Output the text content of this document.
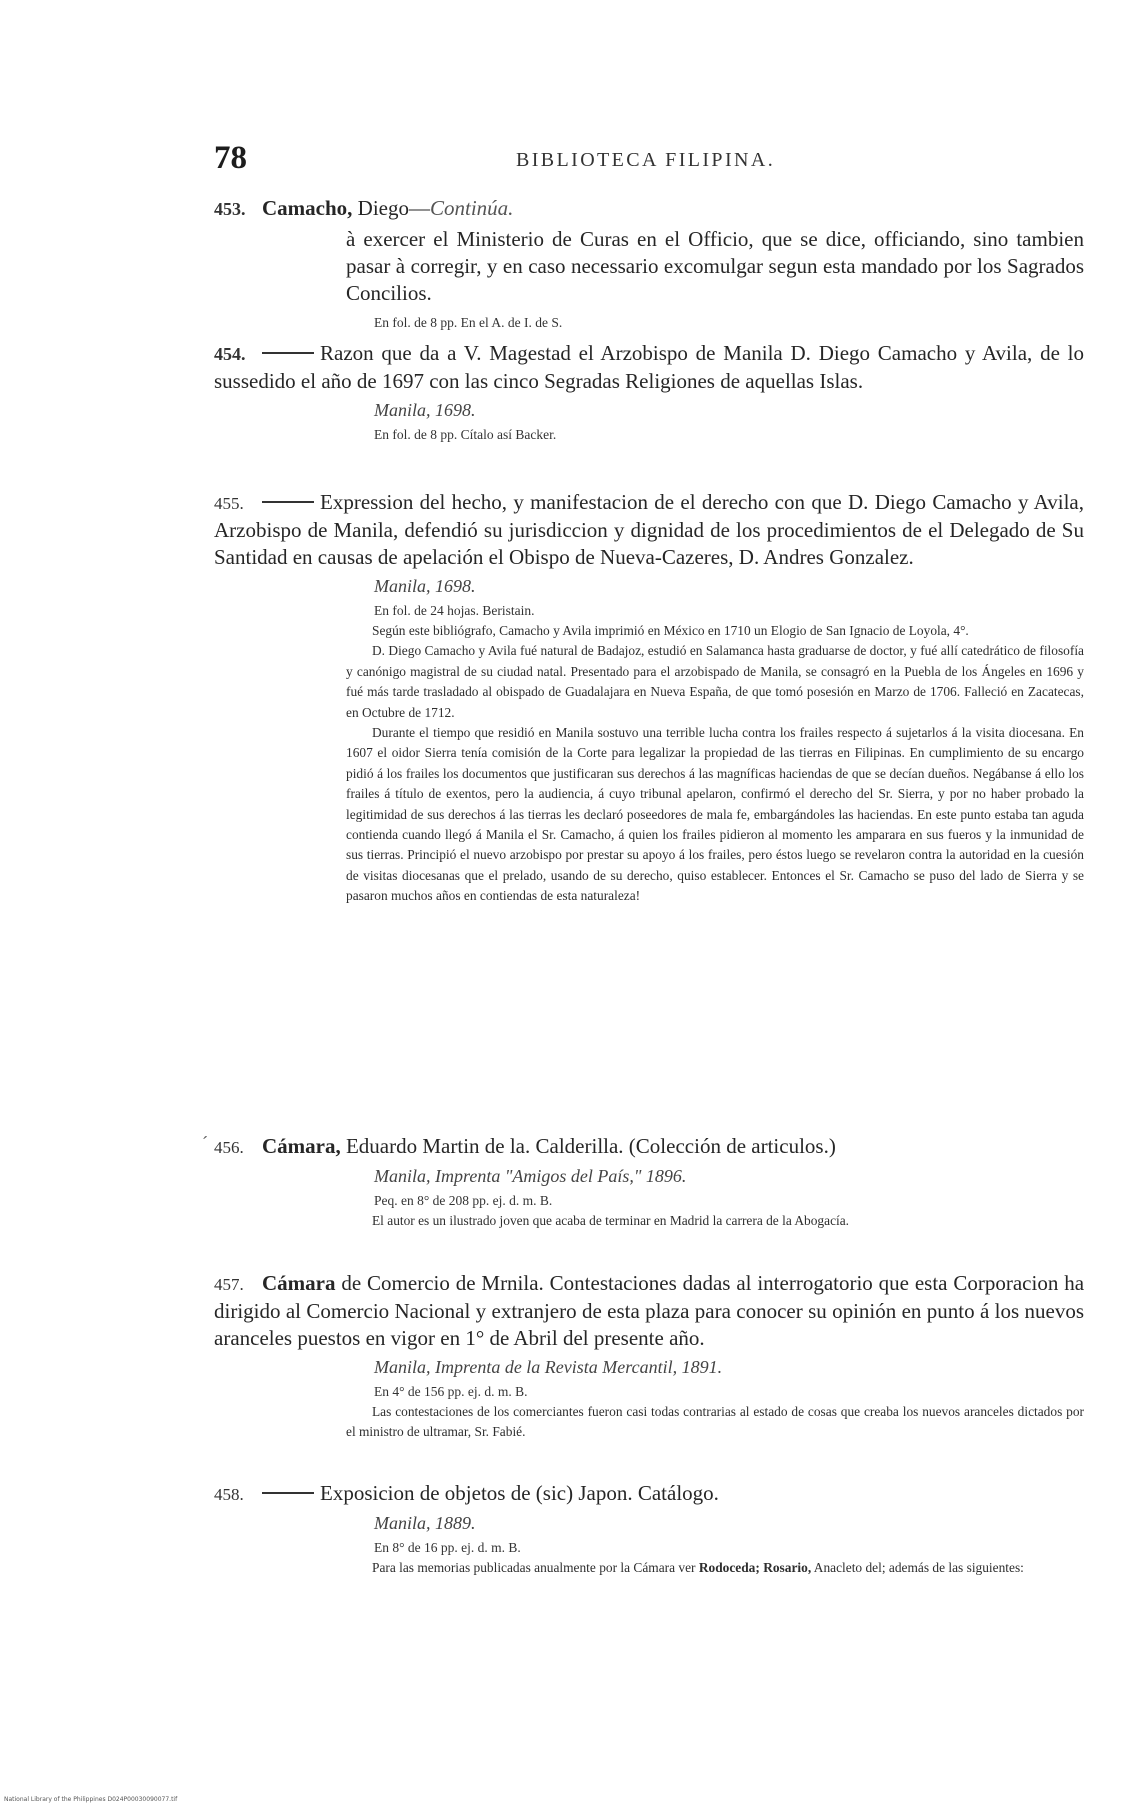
78	BIBLIOTECA FILIPINA.
453. Camacho, Diego—Continúa.
à exercer el Ministerio de Curas en el Officio, que se dice, officiando, sino tambien pasar à corregir, y en caso necessario excomulgar segun esta mandado por los Sagrados Concilios.
En fol. de 8 pp. En el A. de I. de S.
454.	Razon que da a V. Magestad el Arzobispo de Manila D. Diego Camacho y Avila, de lo sussedido el año de 1697 con las cinco Segradas Religiones de aquellas Islas.
Manila, 1698.
En fol. de 8 pp. Cítalo así Backer.
455.	Expression del hecho, y manifestacion de el derecho con que D. Diego Camacho y Avila, Arzobispo de Manila, defendió su jurisdiccion y dignidad de los procedimientos de el Delegado de Su Santidad en causas de apelación el Obispo de Nueva-Cazeres, D. Andres Gonzalez.
Manila, 1698.
En fol. de 24 hojas. Beristain.
Según este bibliógrafo, Camacho y Avila imprimió en México en 1710 un Elogio de San Ignacio de Loyola, 4°.
D. Diego Camacho y Avila fué natural de Badajoz, estudió en Salamanca hasta graduarse de doctor, y fué allí catedrático de filosofía y canónigo magistral de su ciudad natal. Presentado para el arzobispado de Manila, se consagró en la Puebla de los Ángeles en 1696 y fué más tarde trasladado al obispado de Guadalajara en Nueva España, de que tomó posesión en Marzo de 1706. Falleció en Zacatecas, en Octubre de 1712.
Durante el tiempo que residió en Manila sostuvo una terrible lucha contra los frailes respecto á sujetarlos á la visita diocesana. En 1607 el oidor Sierra tenía comisión de la Corte para legalizar la propiedad de las tierras en Filipinas. En cumplimiento de su encargo pidió á los frailes los documentos que justificaran sus derechos á las magníficas haciendas de que se decían dueños. Negábanse á ello los frailes á título de exentos, pero la audiencia, á cuyo tribunal apelaron, confirmó el derecho del Sr. Sierra, y por no haber probado la legitimidad de sus derechos á las tierras les declaró poseedores de mala fe, embargándoles las haciendas. En este punto estaba tan aguda contienda cuando llegó á Manila el Sr. Camacho, á quien los frailes pidieron al momento les amparara en sus fueros y la inmunidad de sus tierras. Principió el nuevo arzobispo por prestar su apoyo á los frailes, pero éstos luego se revelaron contra la autoridad en la cuesión de visitas diocesanas que el prelado, usando de su derecho, quiso establecer. Entonces el Sr. Camacho se puso del lado de Sierra y se pasaron muchos años en contiendas de esta naturaleza!
´ 456. Cámara, Eduardo Martin de la. Calderilla. (Colección de articulos.)
Manila, Imprenta "Amigos del País," 1896.
Peq. en 8° de 208 pp. ej. d. m. B.
El autor es un ilustrado joven que acaba de terminar en Madrid la carrera de la Abogacía.
457. Cámara de Comercio de Mrnila. Contestaciones dadas al interrogatorio que esta Corporacion ha dirigido al Comercio Nacional y extranjero de esta plaza para conocer su opinión en punto á los nuevos aranceles puestos en vigor en 1° de Abril del presente año.
Manila, Imprenta de la Revista Mercantil, 1891.
En 4° de 156 pp. ej. d. m. B.
Las contestaciones de los comerciantes fueron casi todas contrarias al estado de cosas que creaba los nuevos aranceles dictados por el ministro de ultramar, Sr. Fabié.
458.	Exposicion de objetos de (sic) Japon. Catálogo.
Manila, 1889.
En 8° de 16 pp. ej. d. m. B.
Para las memorias publicadas anualmente por la Cámara ver Rodoceda; Rosario, Anacleto del; además de las siguientes:
National Library of the Philippines D024P00030090077.tif
